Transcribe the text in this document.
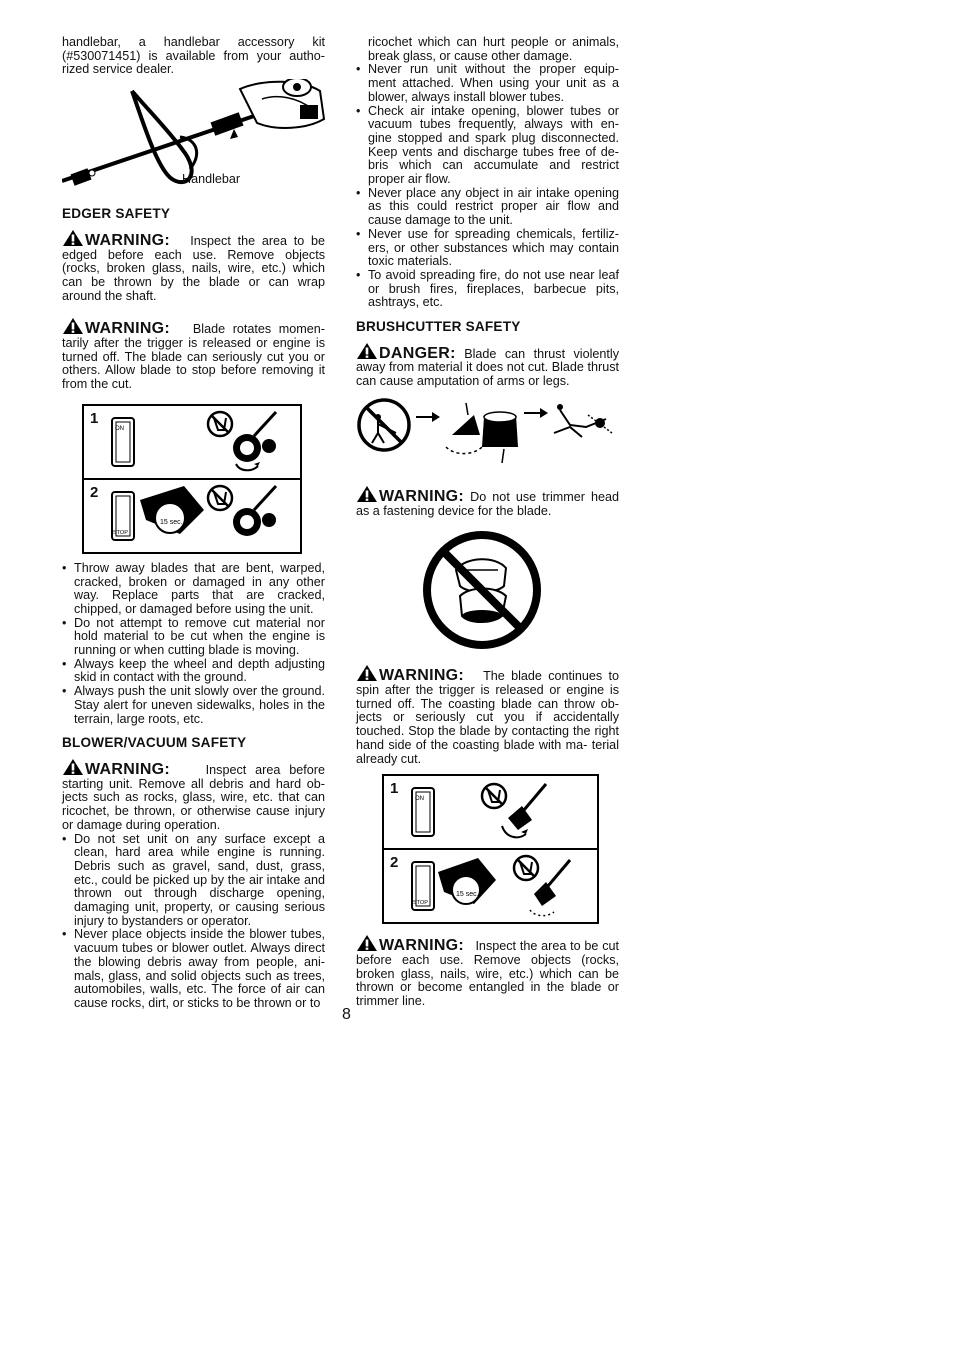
handlebar, a handlebar accessory kit (#530071451) is available from your autho- rized service dealer.

Handlebar
EDGER SAFETY

WARNING: Inspect the area to be edged before each use. Remove objects (rocks, broken glass, nails, wire, etc.) which can be thrown by the blade or can wrap around the shaft.

WARNING: Blade rotates momen- tarily after the trigger is released or engine is turned off. The blade can seriously cut you or others. Allow blade to stop before removing it from the cut.

1
ON
2
STOP
15 sec.
• Throw away blades that are bent, warped, cracked, broken or damaged in any other way. Replace parts that are cracked, chipped, or damaged before using the unit.
• Do not attempt to remove cut material nor hold material to be cut when the engine is running or when cutting blade is moving.
• Always keep the wheel and depth adjusting skid in contact with the ground.
• Always push the unit slowly over the ground. Stay alert for uneven sidewalks, holes in the terrain, large roots, etc.
BLOWER/VACUUM SAFETY

WARNING:	Inspect area before starting unit. Remove all debris and hard ob- jects such as rocks, glass, wire, etc. that can ricochet, be thrown, or otherwise cause injury or damage during operation.

• Do not set unit on any surface except a clean, hard area while engine is running. Debris such as gravel, sand, dust, grass, etc., could be picked up by the air intake and thrown out through discharge opening, damaging unit, property, or causing serious injury to bystanders or operator.
• Never place objects inside the blower tubes, vacuum tubes or blower outlet. Always direct the blowing debris away from people, ani- mals, glass, and solid objects such as trees, automobiles, walls, etc. The force of air can cause rocks, dirt, or sticks to be thrown or to

ricochet which can hurt people or animals, break glass, or cause other damage.

• Never run unit without the proper equip- ment attached. When using your unit as a blower, always install blower tubes.
• Check air intake opening, blower tubes or vacuum tubes frequently, always with en- gine stopped and spark plug disconnected. Keep vents and discharge tubes free of de- bris which can accumulate and restrict proper air flow.
• Never place any object in air intake opening as this could restrict proper air flow and cause damage to the unit.
• Never use for spreading chemicals, fertiliz- ers, or other substances which may contain toxic materials.
• To avoid spreading fire, do not use near leaf or brush fires, fireplaces, barbecue pits, ashtrays, etc.
BRUSHCUTTER SAFETY

DANGER: Blade can thrust violently away from material it does not cut. Blade thrust can cause amputation of arms or legs.

WARNING: Do not use trimmer head as a fastening device for the blade.

WARNING: The blade continues to spin after the trigger is released or engine is turned off. The coasting blade can throw ob- jects or seriously cut you if accidentally touched. Stop the blade by contacting the right hand side of the coasting blade with ma- terial already cut.

1
ON
2
STOP
15 sec.

WARNING: Inspect the area to be cut before each use. Remove objects (rocks, broken glass, nails, wire, etc.) which can be thrown or become entangled in the blade or trimmer line.

8
